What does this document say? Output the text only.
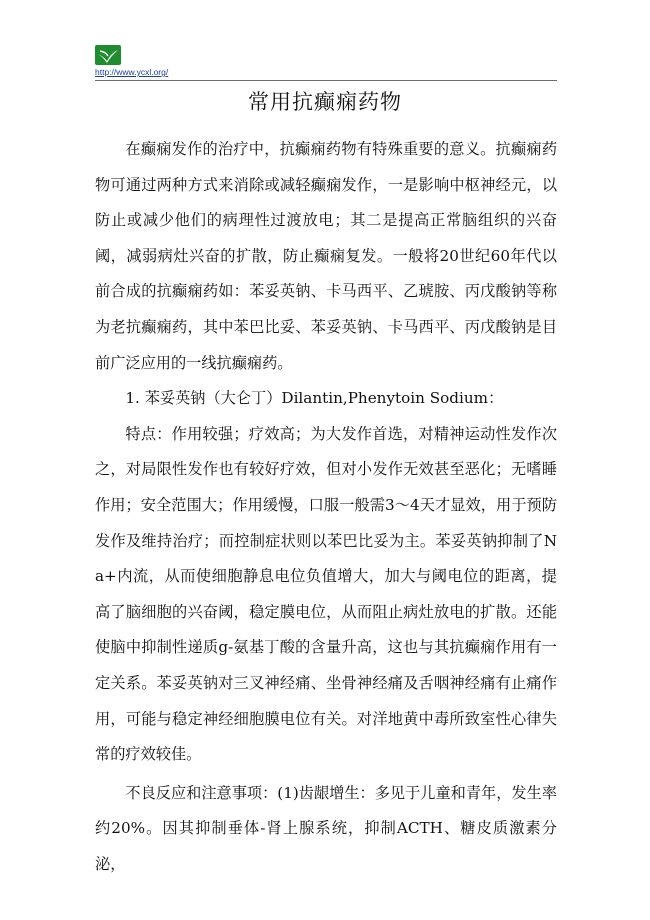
http://www.ycxl.org/
常用抗癫痫药物

在癫痫发作的治疗中，抗癫痫药物有特殊重要的意义。抗癫痫药物可通过两种方式来消除或减轻癫痫发作，一是影响中枢神经元，以防止或减少他们的病理性过渡放电；其二是提高正常脑组织的兴奋阈，减弱病灶兴奋的扩散，防止癫痫复发。一般将20世纪60年代以前合成的抗癫痫药如：苯妥英钠、卡马西平、乙琥胺、丙戊酸钠等称为老抗癫痫药，其中苯巴比妥、苯妥英钠、卡马西平、丙戊酸钠是目前广泛应用的一线抗癫痫药。

1. 苯妥英钠（大仑丁）Dilantin,Phenytoin Sodium：

特点：作用较强；疗效高；为大发作首选，对精神运动性发作次之，对局限性发作也有较好疗效，但对小发作无效甚至恶化；无嗜睡作用；安全范围大；作用缓慢，口服一般需3～4天才显效，用于预防发作及维持治疗；而控制症状则以苯巴比妥为主。苯妥英钠抑制了Na+内流，从而使细胞静息电位负值增大，加大与阈电位的距离，提高了脑细胞的兴奋阈，稳定膜电位，从而阻止病灶放电的扩散。还能使脑中抑制性递质g-氨基丁酸的含量升高，这也与其抗癫痫作用有一定关系。苯妥英钠对三叉神经痛、坐骨神经痛及舌咽神经痛有止痛作用，可能与稳定神经细胞膜电位有关。对洋地黄中毒所致室性心律失常的疗效较佳。

不良反应和注意事项：(1)齿龈增生：多见于儿童和青年，发生率约20%。因其抑制垂体-肾上腺系统，抑制ACTH、糖皮质激素分泌，
